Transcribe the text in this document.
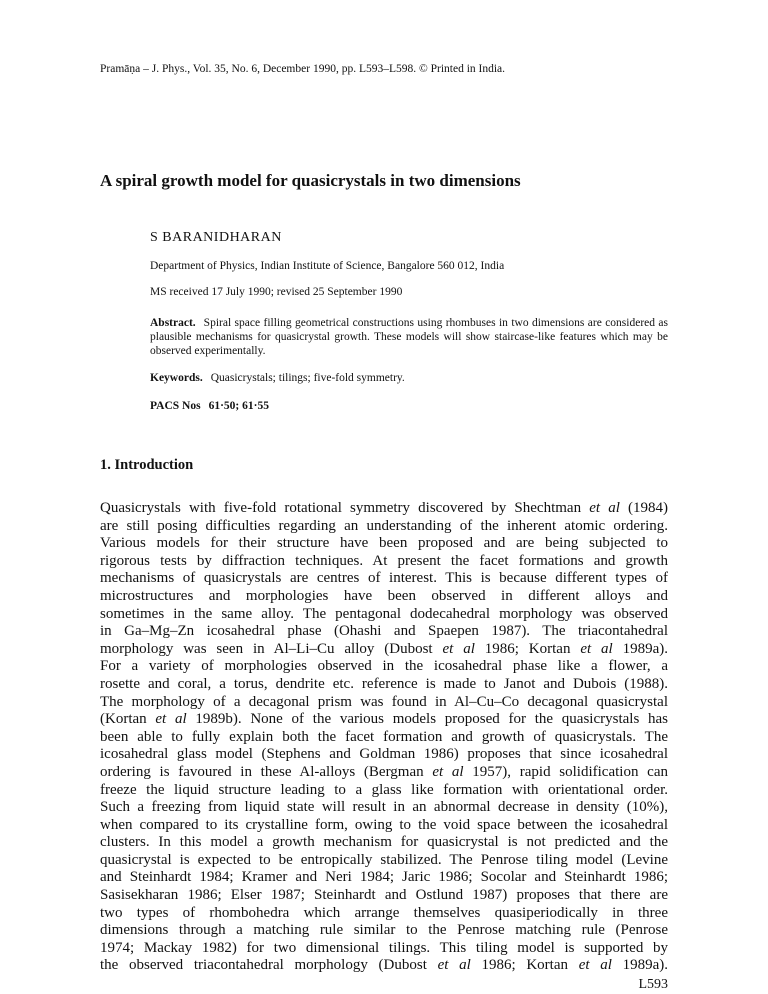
Pramāṇa – J. Phys., Vol. 35, No. 6, December 1990, pp. L593–L598. © Printed in India.
A spiral growth model for quasicrystals in two dimensions
S BARANIDHARAN
Department of Physics, Indian Institute of Science, Bangalore 560 012, India
MS received 17 July 1990; revised 25 September 1990
Abstract. Spiral space filling geometrical constructions using rhombuses in two dimensions are considered as plausible mechanisms for quasicrystal growth. These models will show staircase-like features which may be observed experimentally.
Keywords. Quasicrystals; tilings; five-fold symmetry.
PACS Nos 61·50; 61·55
1. Introduction
Quasicrystals with five-fold rotational symmetry discovered by Shechtman et al (1984)
are still posing difficulties regarding an understanding of the inherent atomic ordering.
Various models for their structure have been proposed and are being subjected to
rigorous tests by diffraction techniques. At present the facet formations and growth
mechanisms of quasicrystals are centres of interest. This is because different types of
microstructures and morphologies have been observed in different alloys and
sometimes in the same alloy. The pentagonal dodecahedral morphology was observed
in Ga–Mg–Zn icosahedral phase (Ohashi and Spaepen 1987). The triacontahedral
morphology was seen in Al–Li–Cu alloy (Dubost et al 1986; Kortan et al 1989a).
For a variety of morphologies observed in the icosahedral phase like a flower, a
rosette and coral, a torus, dendrite etc. reference is made to Janot and Dubois (1988).
The morphology of a decagonal prism was found in Al–Cu–Co decagonal quasicrystal
(Kortan et al 1989b). None of the various models proposed for the quasicrystals has
been able to fully explain both the facet formation and growth of quasicrystals. The
icosahedral glass model (Stephens and Goldman 1986) proposes that since icosahedral
ordering is favoured in these Al-alloys (Bergman et al 1957), rapid solidification can
freeze the liquid structure leading to a glass like formation with orientational order.
Such a freezing from liquid state will result in an abnormal decrease in density (10%),
when compared to its crystalline form, owing to the void space between the icosahedral
clusters. In this model a growth mechanism for quasicrystal is not predicted and the
quasicrystal is expected to be entropically stabilized. The Penrose tiling model (Levine
and Steinhardt 1984; Kramer and Neri 1984; Jaric 1986; Socolar and Steinhardt 1986;
Sasisekharan 1986; Elser 1987; Steinhardt and Ostlund 1987) proposes that there are
two types of rhombohedra which arrange themselves quasiperiodically in three
dimensions through a matching rule similar to the Penrose matching rule (Penrose
1974; Mackay 1982) for two dimensional tilings. This tiling model is supported by
the observed triacontahedral morphology (Dubost et al 1986; Kortan et al 1989a).
L593
